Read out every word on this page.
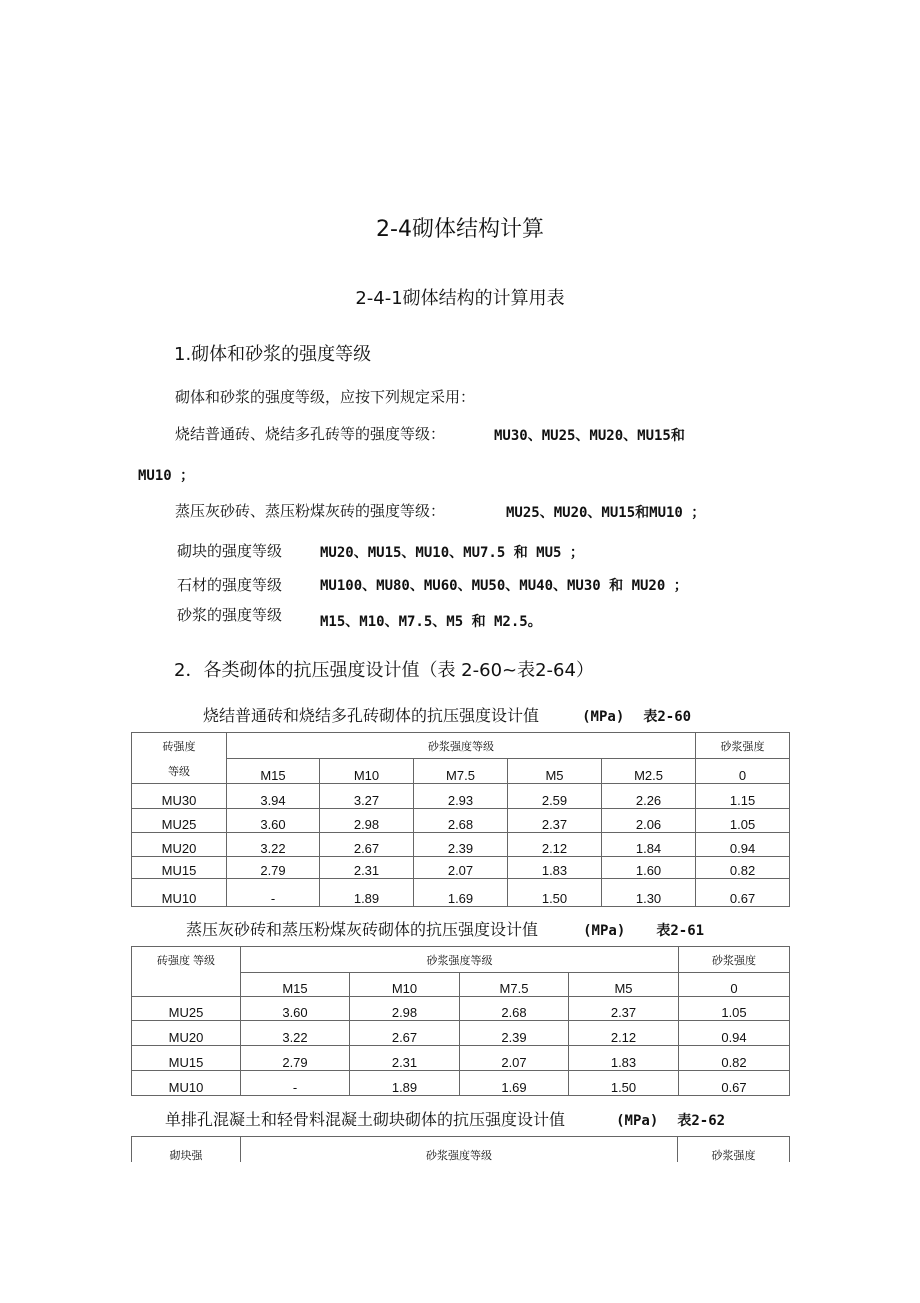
2-4砌体结构计算
2-4-1砌体结构的计算用表
1.砌体和砂浆的强度等级
砌体和砂浆的强度等级，应按下列规定采用：
烧结普通砖、烧结多孔砖等的强度等级：	MU30、MU25、MU20、MU15和
MU10 ；
蒸压灰砂砖、蒸压粉煤灰砖的强度等级：	MU25、MU20、MU15和MU10 ；
砌块的强度等级	MU20、MU15、MU10、MU7.5 和 MU5 ；
石材的强度等级	MU100、MU80、MU60、MU50、MU40、MU30 和 MU20 ；
砂浆的强度等级	M15、M10、M7.5、M5 和 M2.5。
2．各类砌体的抗压强度设计值（表 2-60~表2-64）
烧结普通砖和烧结多孔砖砌体的抗压强度设计值	(MPa) 表2-60
砖强度
等级	砂浆强度等级					砂浆强度
	M15	M10	M7.5	M5	M2.5	0
MU30	3.94	3.27	2.93	2.59	2.26	1.15
MU25	3.60	2.98	2.68	2.37	2.06	1.05
MU20	3.22	2.67	2.39	2.12	1.84	0.94
MU15	2.79	2.31	2.07	1.83	1.60	0.82
MU10	-	1.89	1.69	1.50	1.30	0.67
蒸压灰砂砖和蒸压粉煤灰砖砌体的抗压强度设计值	(MPa) 表2-61
砖强度 等级	砂浆强度等级				砂浆强度
	M15	M10	M7.5	M5	0
MU25	3.60	2.98	2.68	2.37	1.05
MU20	3.22	2.67	2.39	2.12	0.94
MU15	2.79	2.31	2.07	1.83	0.82
MU10	-	1.89	1.69	1.50	0.67
单排孔混凝土和轻骨料混凝土砌块砌体的抗压强度设计值	(MPa) 表2-62
砌块强	砂浆强度等级	砂浆强度
